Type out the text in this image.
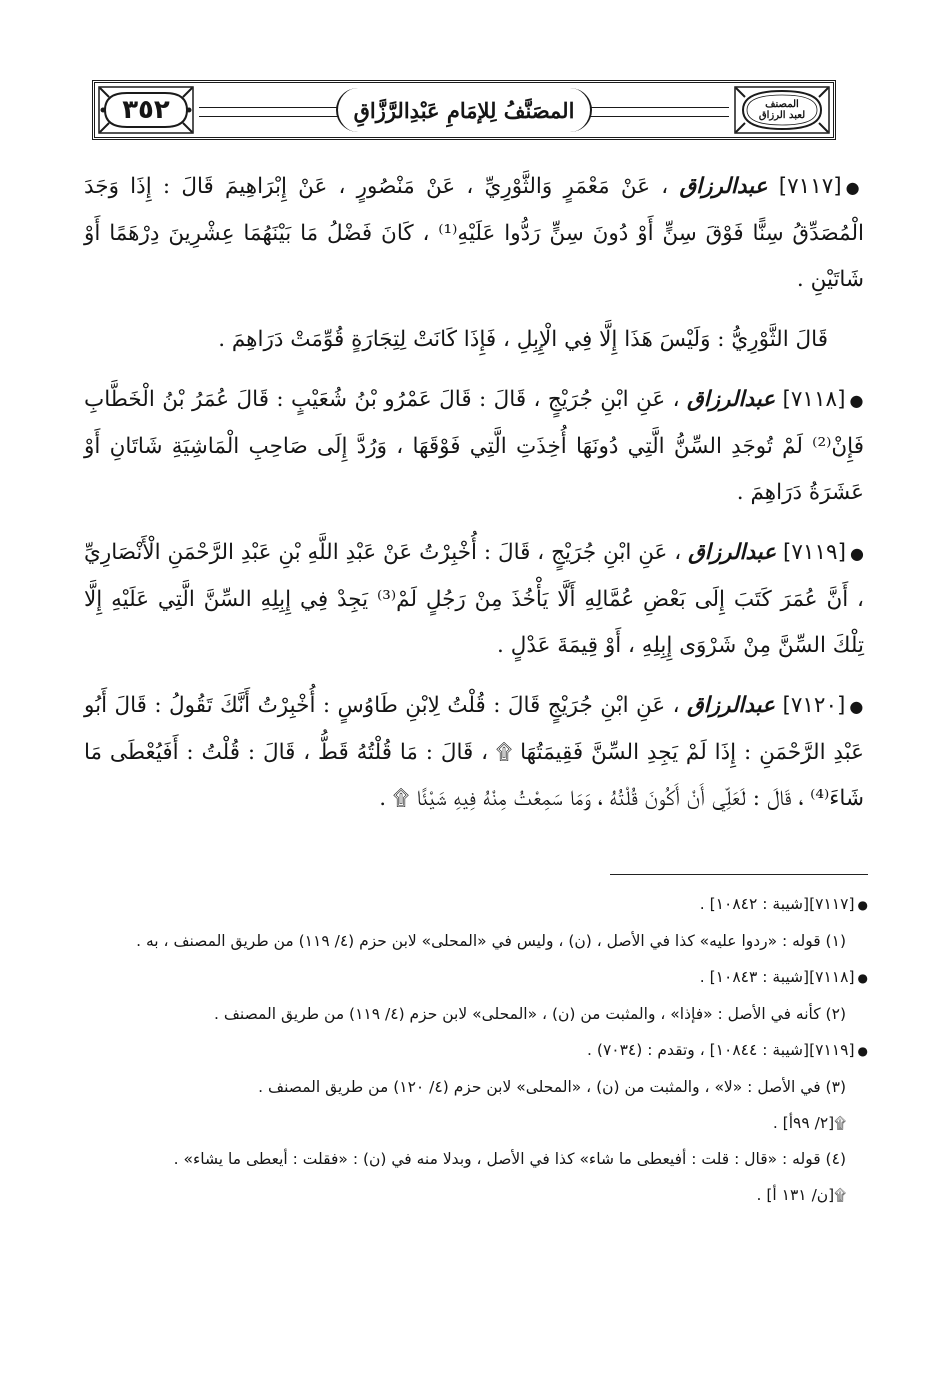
٣٥٢	المصَنَّفُ لِلإمَامِ عَبْدِالرَّزَّاقِ	المصنف
لعبد الرزاق

●[٧١١٧] عبدالرزاق ، عَنْ مَعْمَرٍ وَالثَّوْرِيِّ ، عَنْ مَنْصُورٍ ، عَنْ إِبْرَاهِيمَ قَالَ : إِذَا وَجَدَ الْمُصَدِّقُ سِنًّا فَوْقَ سِنٍّ أَوْ دُونَ سِنٍّ رَدُّوا عَلَيْهِ⁽¹⁾ ، كَانَ فَضْلُ مَا بَيْنَهُمَا عِشْرِينَ دِرْهَمًا أَوْ شَاتَيْنِ .

قَالَ الثَّوْرِيُّ : وَلَيْسَ هَذَا إِلَّا فِي الْإِبِلِ ، فَإِذَا كَانَتْ لِتِجَارَةٍ قُوِّمَتْ دَرَاهِمَ .

●[٧١١٨] عبدالرزاق ، عَنِ ابْنِ جُرَيْجٍ ، قَالَ : قَالَ عَمْرُو بْنُ شُعَيْبٍ : قَالَ عُمَرُ بْنُ الْخَطَّابِ فَإِنْ⁽²⁾ لَمْ تُوجَدِ السِّنُّ الَّتِي دُونَهَا أُخِذَتِ الَّتِي فَوْقَهَا ، وَرُدَّ إِلَى صَاحِبِ الْمَاشِيَةِ شَاتَانِ أَوْ عَشَرَةُ دَرَاهِمَ .

●[٧١١٩] عبدالرزاق ، عَنِ ابْنِ جُرَيْجٍ ، قَالَ : أُخْبِرْتُ عَنْ عَبْدِ اللَّهِ بْنِ عَبْدِ الرَّحْمَنِ الْأَنْصَارِيِّ ، أَنَّ عُمَرَ كَتَبَ إِلَى بَعْضِ عُمَّالِهِ أَلَّا يَأْخُذَ مِنْ رَجُلٍ لَمْ⁽³⁾ يَجِدْ فِي إِبِلِهِ السِّنَّ الَّتِي عَلَيْهِ إِلَّا تِلْكَ السِّنَّ مِنْ شَرْوَى إِبِلِهِ ، أَوْ قِيمَةَ عَدْلٍ .

●[٧١٢٠] عبدالرزاق ، عَنِ ابْنِ جُرَيْجٍ قَالَ : قُلْتُ لِابْنِ طَاوُسٍ : أُخْبِرْتُ أَنَّكَ تَقُولُ : قَالَ أَبُو عَبْدِ الرَّحْمَنِ : إِذَا لَمْ يَجِدِ السِّنَّ فَقِيمَتُهَا ۩ ، قَالَ : مَا قُلْتُهُ قَطُّ ، قَالَ : قُلْتُ : أَفَيُعْطَى مَا شَاءَ⁽⁴⁾ ، قَالَ : لَعَلِّي أَنْ أَكُونَ قُلْتُهُ ، وَمَا سَمِعْتُ مِنْهُ فِيهِ شَيْئًا ۩ .

●[٧١١٧][شيبة : ١٠٨٤٢] .

(١) قوله : «ردوا عليه» كذا في الأصل ، (ن) ، وليس في «المحلى» لابن حزم (٤/ ١١٩) من طريق المصنف ، به .

●[٧١١٨][شيبة : ١٠٨٤٣] .

(٢) كأنه في الأصل : «فإذا» ، والمثبت من (ن) ، «المحلى» لابن حزم (٤/ ١١٩) من طريق المصنف .

●[٧١١٩][شيبة : ١٠٨٤٤] ، وتقدم : (٧٠٣٤) .

(٣) في الأصل : «لا» ، والمثبت من (ن) ، «المحلى» لابن حزم (٤/ ١٢٠) من طريق المصنف .

۩[٢/ ٩٩أ] .

(٤) قوله : «قال : قلت : أفيعطى ما شاء» كذا في الأصل ، وبدلا منه في (ن) : «فقلت : أيعطى ما يشاء» .

۩[ن/ ١٣١ أ] .
